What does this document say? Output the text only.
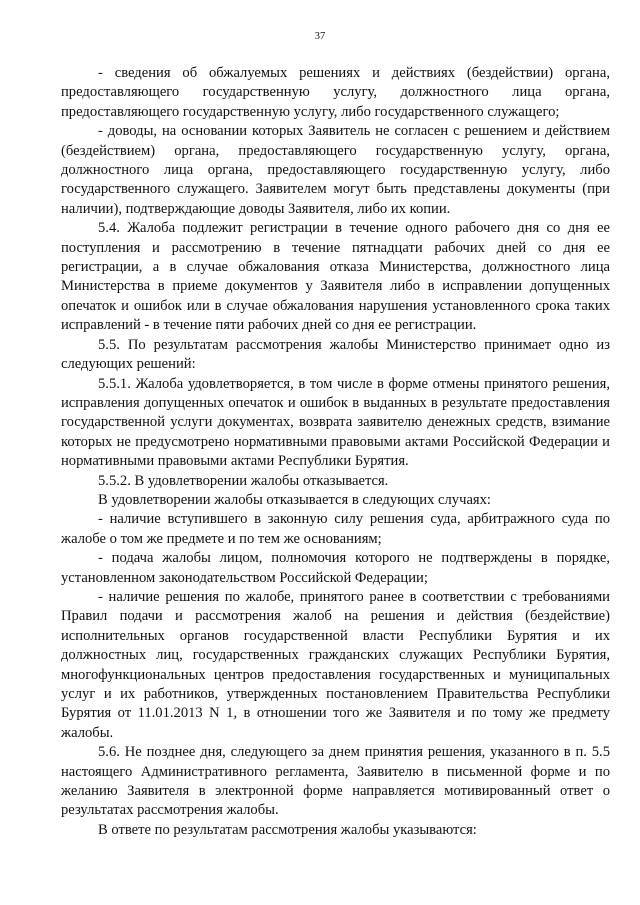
37

- сведения об обжалуемых решениях и действиях (бездействии) органа, предоставляющего государственную услугу, должностного лица органа, предоставляющего государственную услугу, либо государственного служащего;

- доводы, на основании которых Заявитель не согласен с решением и действием (бездействием) органа, предоставляющего государственную услугу, органа, должностного лица органа, предоставляющего государственную услугу, либо государственного служащего. Заявителем могут быть представлены документы (при наличии), подтверждающие доводы Заявителя, либо их копии.

5.4. Жалоба подлежит регистрации в течение одного рабочего дня со дня ее поступления и рассмотрению в течение пятнадцати рабочих дней со дня ее регистрации, а в случае обжалования отказа Министерства, должностного лица Министерства в приеме документов у Заявителя либо в исправлении допущенных опечаток и ошибок или в случае обжалования нарушения установленного срока таких исправлений - в течение пяти рабочих дней со дня ее регистрации.

5.5. По результатам рассмотрения жалобы Министерство принимает одно из следующих решений:

5.5.1. Жалоба удовлетворяется, в том числе в форме отмены принятого решения, исправления допущенных опечаток и ошибок в выданных в результате предоставления государственной услуги документах, возврата заявителю денежных средств, взимание которых не предусмотрено нормативными правовыми актами Российской Федерации и нормативными правовыми актами Республики Бурятия.

5.5.2. В удовлетворении жалобы отказывается.

В удовлетворении жалобы отказывается в следующих случаях:

- наличие вступившего в законную силу решения суда, арбитражного суда по жалобе о том же предмете и по тем же основаниям;

- подача жалобы лицом, полномочия которого не подтверждены в порядке, установленном законодательством Российской Федерации;

- наличие решения по жалобе, принятого ранее в соответствии с требованиями Правил подачи и рассмотрения жалоб на решения и действия (бездействие) исполнительных органов государственной власти Республики Бурятия и их должностных лиц, государственных гражданских служащих Республики Бурятия, многофункциональных центров предоставления государственных и муниципальных услуг и их работников, утвержденных постановлением Правительства Республики Бурятия от 11.01.2013 N 1, в отношении того же Заявителя и по тому же предмету жалобы.

5.6. Не позднее дня, следующего за днем принятия решения, указанного в п. 5.5 настоящего Административного регламента, Заявителю в письменной форме и по желанию Заявителя в электронной форме направляется мотивированный ответ о результатах рассмотрения жалобы.

В ответе по результатам рассмотрения жалобы указываются:
